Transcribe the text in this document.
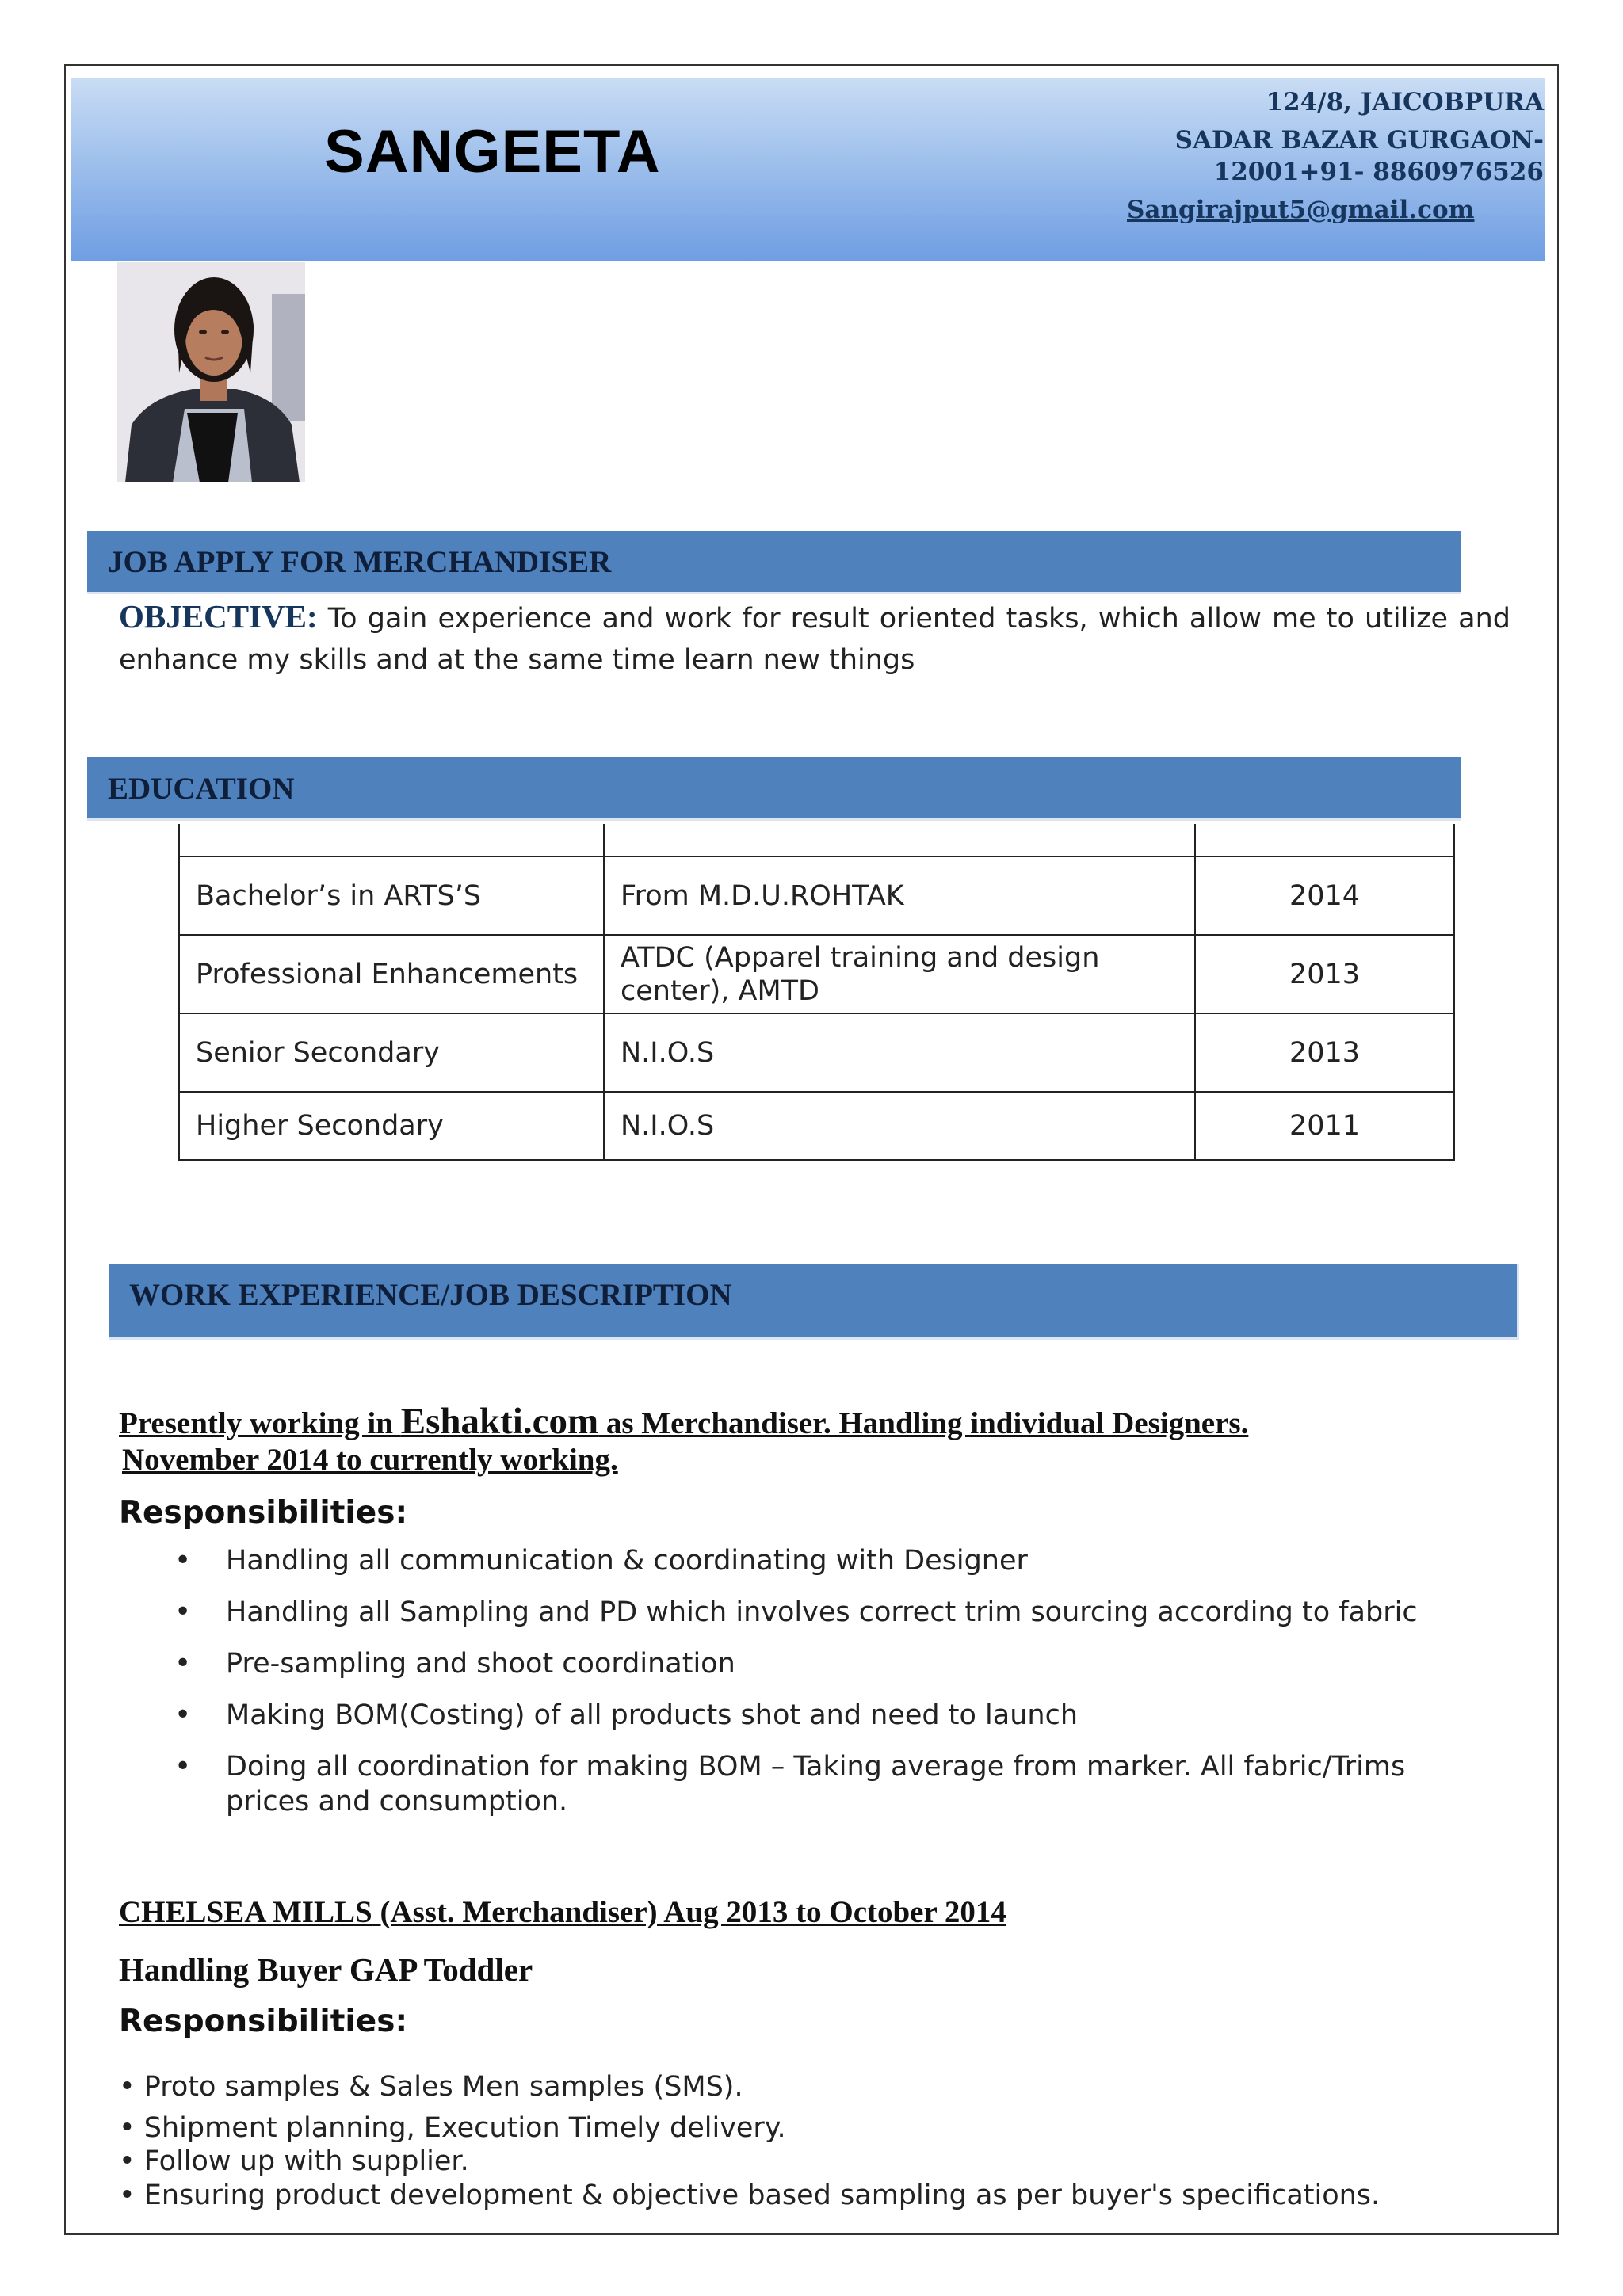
SANGEETA
124/8, JAICOBPURA
SADAR BAZAR GURGAON-
12001+91- 8860976526
Sangirajput5@gmail.com
JOB APPLY FOR MERCHANDISER
OBJECTIVE: To gain experience and work for result oriented tasks, which allow me to utilize and enhance my skills and at the same time learn new things
EDUCATION

Bachelor’s in ARTS’S	From M.D.U.ROHTAK	2014
Professional Enhancements	ATDC (Apparel training and design center), AMTD	2013
Senior Secondary	N.I.O.S	2013
Higher Secondary	N.I.O.S	2011
WORK EXPERIENCE/JOB DESCRIPTION
Presently working in Eshakti.com as Merchandiser. Handling individual Designers.
November 2014 to currently working.
Responsibilities:
• Handling all communication & coordinating with Designer
• Handling all Sampling and PD which involves correct trim sourcing according to fabric
• Pre-sampling and shoot coordination
• Making BOM(Costing) of all products shot and need to launch
• Doing all coordination for making BOM – Taking average from marker. All fabric/Trims prices and consumption.
CHELSEA MILLS (Asst. Merchandiser) Aug 2013 to October 2014
Handling Buyer GAP Toddler
Responsibilities:
• Proto samples & Sales Men samples (SMS).
• Shipment planning, Execution Timely delivery.
• Follow up with supplier.
• Ensuring product development & objective based sampling as per buyer's specifications.
